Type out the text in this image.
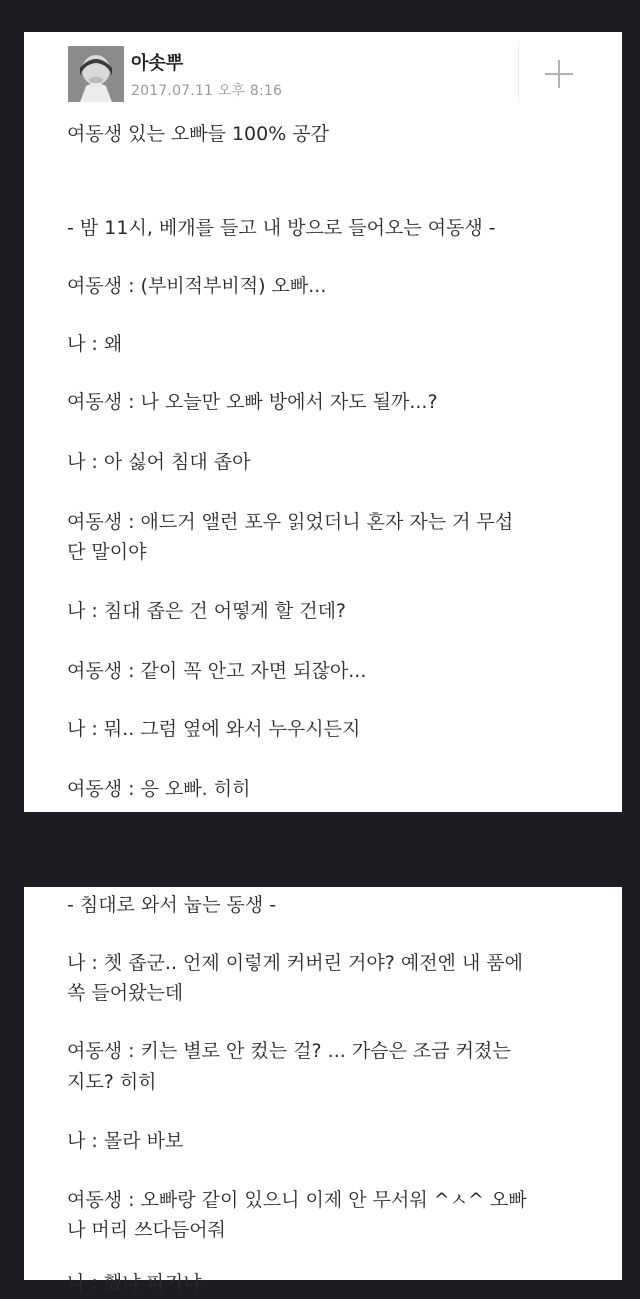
아솟뿌
2017.07.11 오후 8:16
여동생 있는 오빠들 100% 공감
- 밤 11시, 베개를 들고 내 방으로 들어오는 여동생 -
여동생 : (부비적부비적) 오빠...
나 : 왜
여동생 : 나 오늘만 오빠 방에서 자도 될까...?
나 : 아 싫어 침대 좁아
여동생 : 애드거 앨런 포우 읽었더니 혼자 자는 거 무섭
단 말이야
나 : 침대 좁은 건 어떻게 할 건데?
여동생 : 같이 꼭 안고 자면 되잖아...
나 : 뭐.. 그럼 옆에 와서 누우시든지
여동생 : 응 오빠. 히히
- 침대로 와서 눕는 동생 -
나 : 쳇 좁군.. 언제 이렇게 커버린 거야? 예전엔 내 품에
쏙 들어왔는데
여동생 : 키는 별로 안 컸는 걸? ... 가슴은 조금 커졌는
지도? 히히
나 : 몰라 바보
여동생 : 오빠랑 같이 있으니 이제 안 무서워 ^ㅅ^ 오빠
나 머리 쓰다듬어줘
나 : 했냐 파기냐
